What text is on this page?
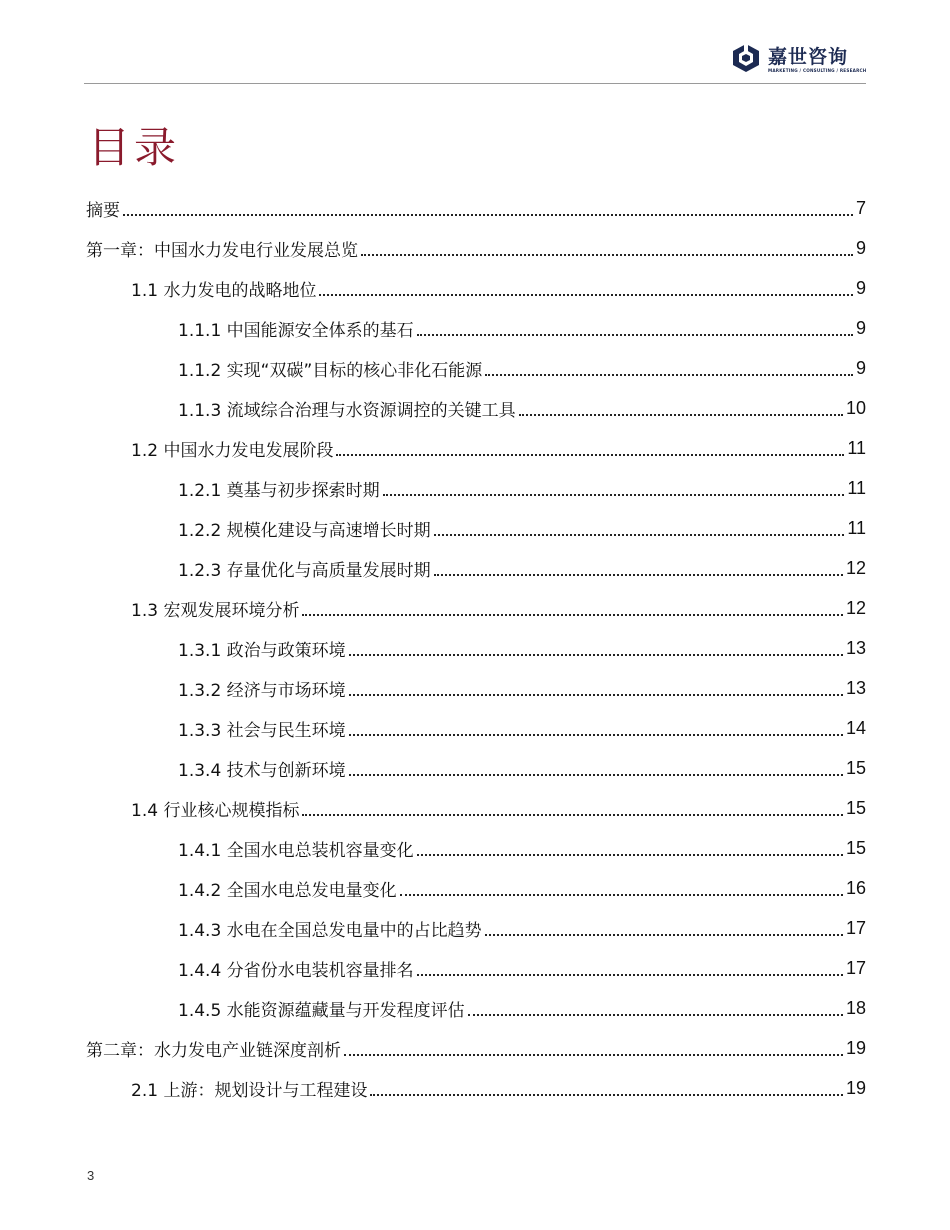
嘉世咨询
MARKETING / CONSULTING / RESEARCH
目录
摘要	7
第一章：中国水力发电行业发展总览	9
1.1 水力发电的战略地位	9
1.1.1 中国能源安全体系的基石	9
1.1.2 实现“双碳”目标的核心非化石能源	9
1.1.3 流域综合治理与水资源调控的关键工具	10
1.2 中国水力发电发展阶段	11
1.2.1 奠基与初步探索时期	11
1.2.2 规模化建设与高速增长时期	11
1.2.3 存量优化与高质量发展时期	12
1.3 宏观发展环境分析	12
1.3.1 政治与政策环境	13
1.3.2 经济与市场环境	13
1.3.3 社会与民生环境	14
1.3.4 技术与创新环境	15
1.4 行业核心规模指标	15
1.4.1 全国水电总装机容量变化	15
1.4.2 全国水电总发电量变化	16
1.4.3 水电在全国总发电量中的占比趋势	17
1.4.4 分省份水电装机容量排名	17
1.4.5 水能资源蕴藏量与开发程度评估	18
第二章：水力发电产业链深度剖析	19
2.1 上游：规划设计与工程建设	19
3
